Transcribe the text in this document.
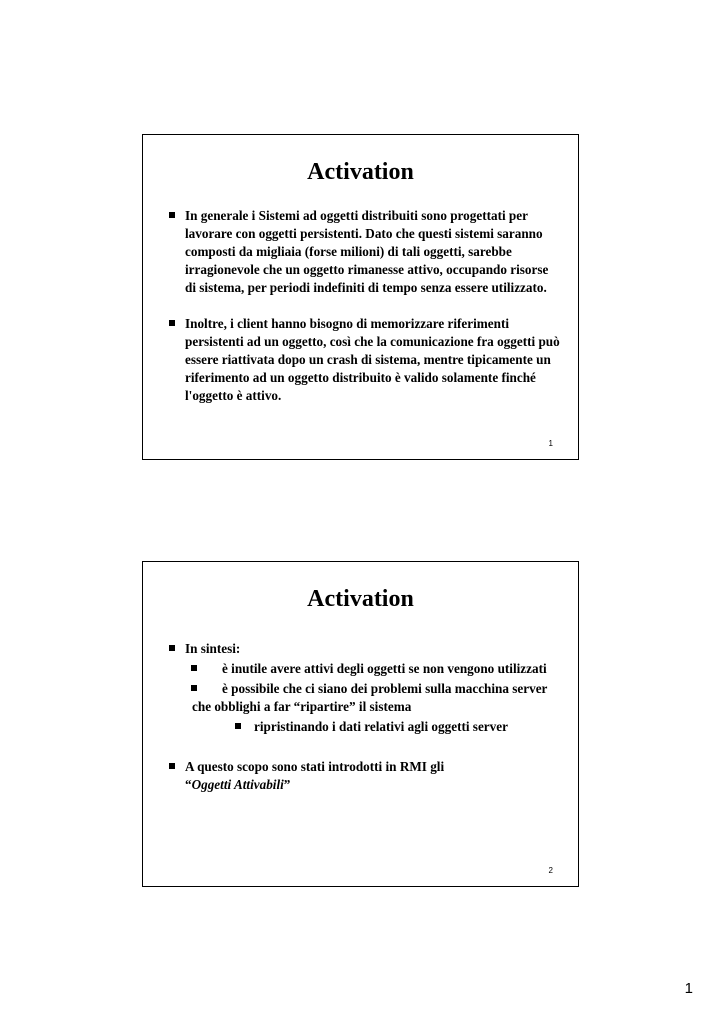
Activation
In generale i Sistemi ad oggetti distribuiti sono progettati per lavorare con oggetti persistenti. Dato che questi sistemi saranno composti da migliaia (forse milioni) di tali oggetti, sarebbe irragionevole che un oggetto rimanesse attivo, occupando risorse di sistema, per periodi indefiniti di tempo senza essere utilizzato.
Inoltre, i client hanno bisogno di memorizzare riferimenti persistenti ad un oggetto, così che la comunicazione fra oggetti può essere riattivata dopo un crash di sistema, mentre tipicamente un riferimento ad un oggetto distribuito è valido solamente finché l'oggetto è attivo.
1
Activation
In sintesi:
è inutile avere attivi degli oggetti se non vengono utilizzati
è possibile che ci siano dei problemi sulla macchina server che obblighi a far “ripartire” il sistema
ripristinando i dati relativi agli oggetti server
A questo scopo sono stati introdotti in RMI gli
“Oggetti Attivabili”
2
1
